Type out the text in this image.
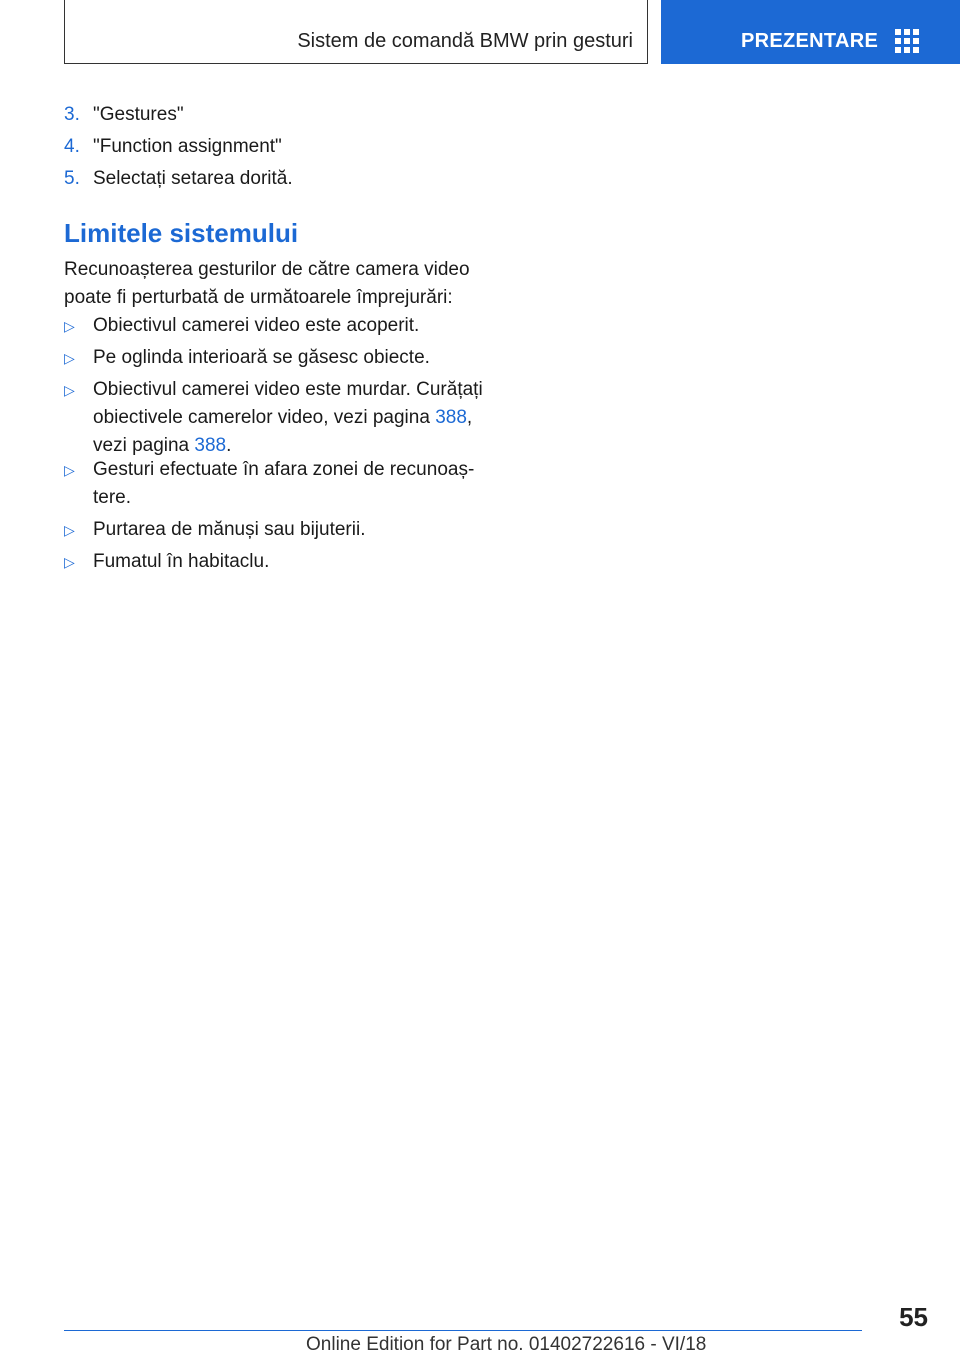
Sistem de comandă BMW prin gesturi	PREZENTARE
3. "Gestures"
4. "Function assignment"
5. Selectați setarea dorită.
Limitele sistemului
Recunoașterea gesturilor de către camera video poate fi perturbată de următoarele împrejurări:
▷ Obiectivul camerei video este acoperit.
▷ Pe oglinda interioară se găsesc obiecte.
▷ Obiectivul camerei video este murdar. Curățați obiectivele camerelor video, vezi pagina 388, vezi pagina 388.
▷ Gesturi efectuate în afara zonei de recunoaștere.
▷ Purtarea de mănuși sau bijuterii.
▷ Fumatul în habitaclu.
55
Online Edition for Part no. 01402722616 - VI/18
